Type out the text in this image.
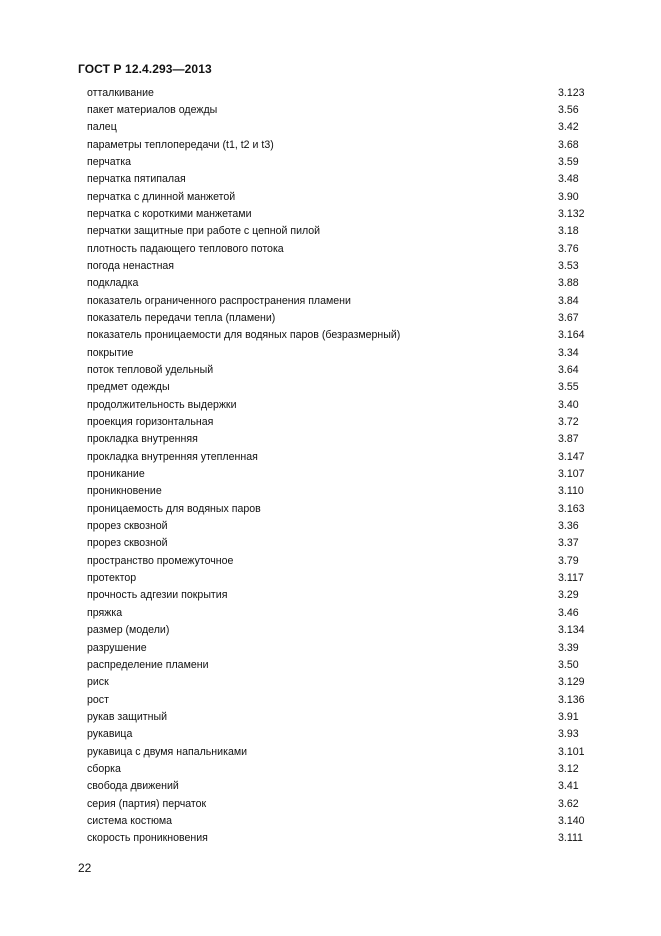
ГОСТ Р 12.4.293—2013
отталкивание	3.123
пакет материалов одежды	3.56
палец	3.42
параметры теплопередачи (t1, t2 и t3)	3.68
перчатка	3.59
перчатка пятипалая	3.48
перчатка с длинной манжетой	3.90
перчатка с короткими манжетами	3.132
перчатки защитные при работе с цепной пилой	3.18
плотность падающего теплового потока	3.76
погода ненастная	3.53
подкладка	3.88
показатель ограниченного распространения пламени	3.84
показатель передачи тепла (пламени)	3.67
показатель проницаемости для водяных паров (безразмерный)	3.164
покрытие	3.34
поток тепловой удельный	3.64
предмет одежды	3.55
продолжительность выдержки	3.40
проекция горизонтальная	3.72
прокладка внутренняя	3.87
прокладка внутренняя утепленная	3.147
проникание	3.107
проникновение	3.110
проницаемость для водяных паров	3.163
прорез сквозной	3.36
прорез сквозной	3.37
пространство промежуточное	3.79
протектор	3.117
прочность адгезии покрытия	3.29
пряжка	3.46
размер (модели)	3.134
разрушение	3.39
распределение пламени	3.50
риск	3.129
рост	3.136
рукав защитный	3.91
рукавица	3.93
рукавица с двумя напальниками	3.101
сборка	3.12
свобода движений	3.41
серия (партия) перчаток	3.62
система костюма	3.140
скорость проникновения	3.111
22
